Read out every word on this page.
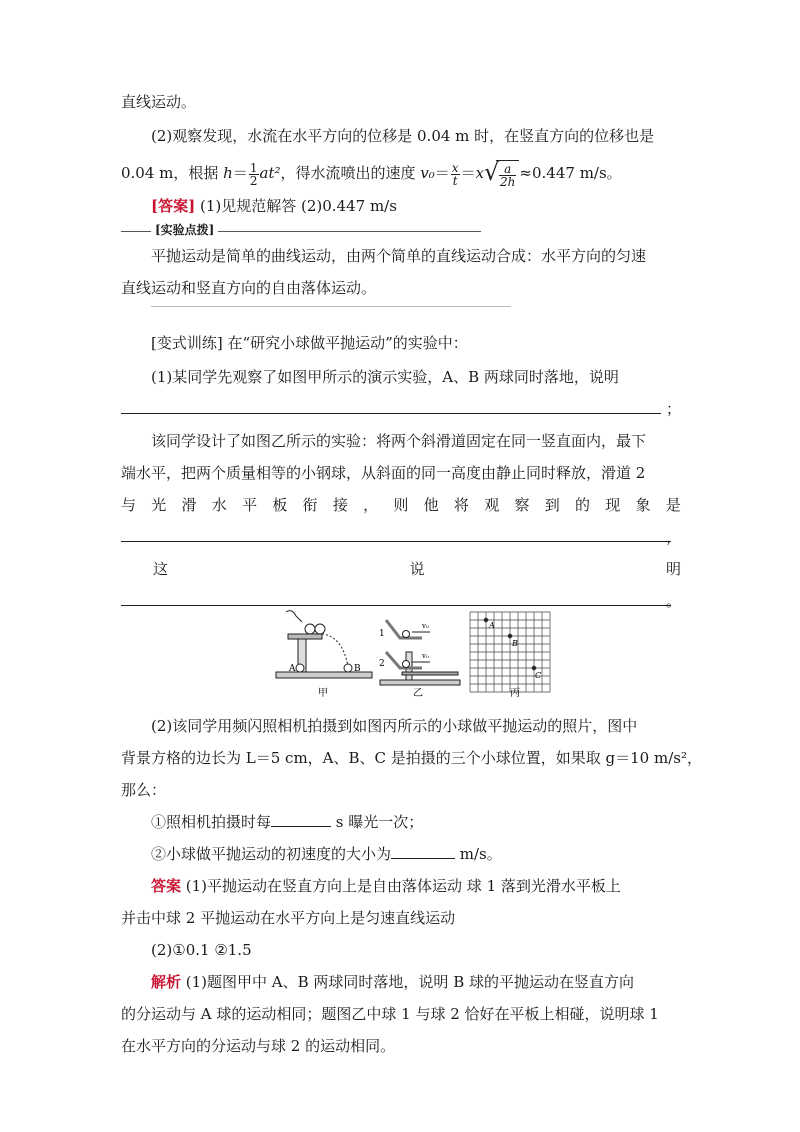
直线运动。
(2)观察发现，水流在水平方向的位移是 0.04 m 时，在竖直方向的位移也是
0.04 m，根据 $h= \frac{1}{2} at^2$，得水流喷出的速度 $v_0= \frac{x}{t} =x$ √ $\frac{a}{2h} \approx 0.447$ m/s。
[答案] (1)见规范解答 (2)0.447 m/s
[实验点拨]
平抛运动是简单的曲线运动，由两个简单的直线运动合成：水平方向的匀速
直线运动和竖直方向的自由落体运动。
[变式训练] 在“研究小球做平抛运动”的实验中：
(1)某同学先观察了如图甲所示的演示实验，A、B 两球同时落地，说明
；
该同学设计了如图乙所示的实验：将两个斜滑道固定在同一竖直面内，最下
端水平，把两个质量相等的小钢球，从斜面的同一高度由静止同时释放，滑道 2
与 光 滑 水 平 板 衔 接 ， 则 他 将 观 察 到 的 现 象 是
，
这	说	明
。
A	B
甲
1
2
v₀
v₀
乙
A
B
C
丙
(2)该同学用频闪照相机拍摄到如图丙所示的小球做平抛运动的照片，图中
背景方格的边长为 L＝5 cm，A、B、C 是拍摄的三个小球位置，如果取 g＝10 m/s²，
那么：
①照相机拍摄时每	s 曝光一次；
②小球做平抛运动的初速度的大小为	m/s。
答案 (1)平抛运动在竖直方向上是自由落体运动 球 1 落到光滑水平板上
并击中球 2 平抛运动在水平方向上是匀速直线运动
(2)①0.1 ②1.5
解析 (1)题图甲中 A、B 两球同时落地，说明 B 球的平抛运动在竖直方向
的分运动与 A 球的运动相同；题图乙中球 1 与球 2 恰好在平板上相碰，说明球 1
在水平方向的分运动与球 2 的运动相同。
